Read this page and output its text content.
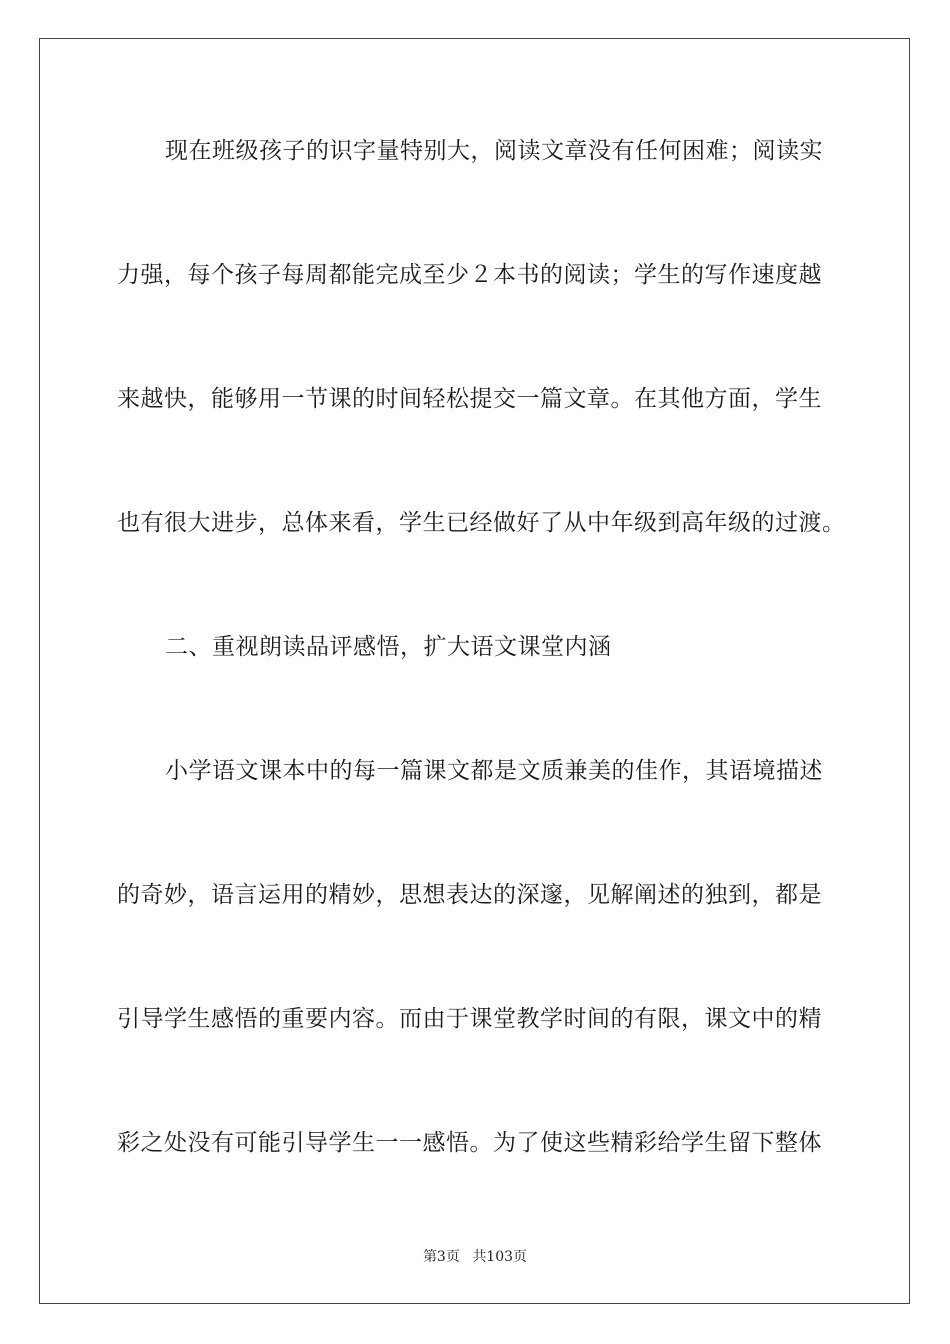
现在班级孩子的识字量特别大，阅读文章没有任何困难；阅读实
力强，每个孩子每周都能完成至少２本书的阅读；学生的写作速度越
来越快，能够用一节课的时间轻松提交一篇文章。在其他方面，学生
也有很大进步，总体来看，学生已经做好了从中年级到高年级的过渡。
二、重视朗读品评感悟，扩大语文课堂内涵
小学语文课本中的每一篇课文都是文质兼美的佳作，其语境描述
的奇妙，语言运用的精妙，思想表达的深邃，见解阐述的独到，都是
引导学生感悟的重要内容。而由于课堂教学时间的有限，课文中的精
彩之处没有可能引导学生一一感悟。为了使这些精彩给学生留下整体
第3页 共103页
